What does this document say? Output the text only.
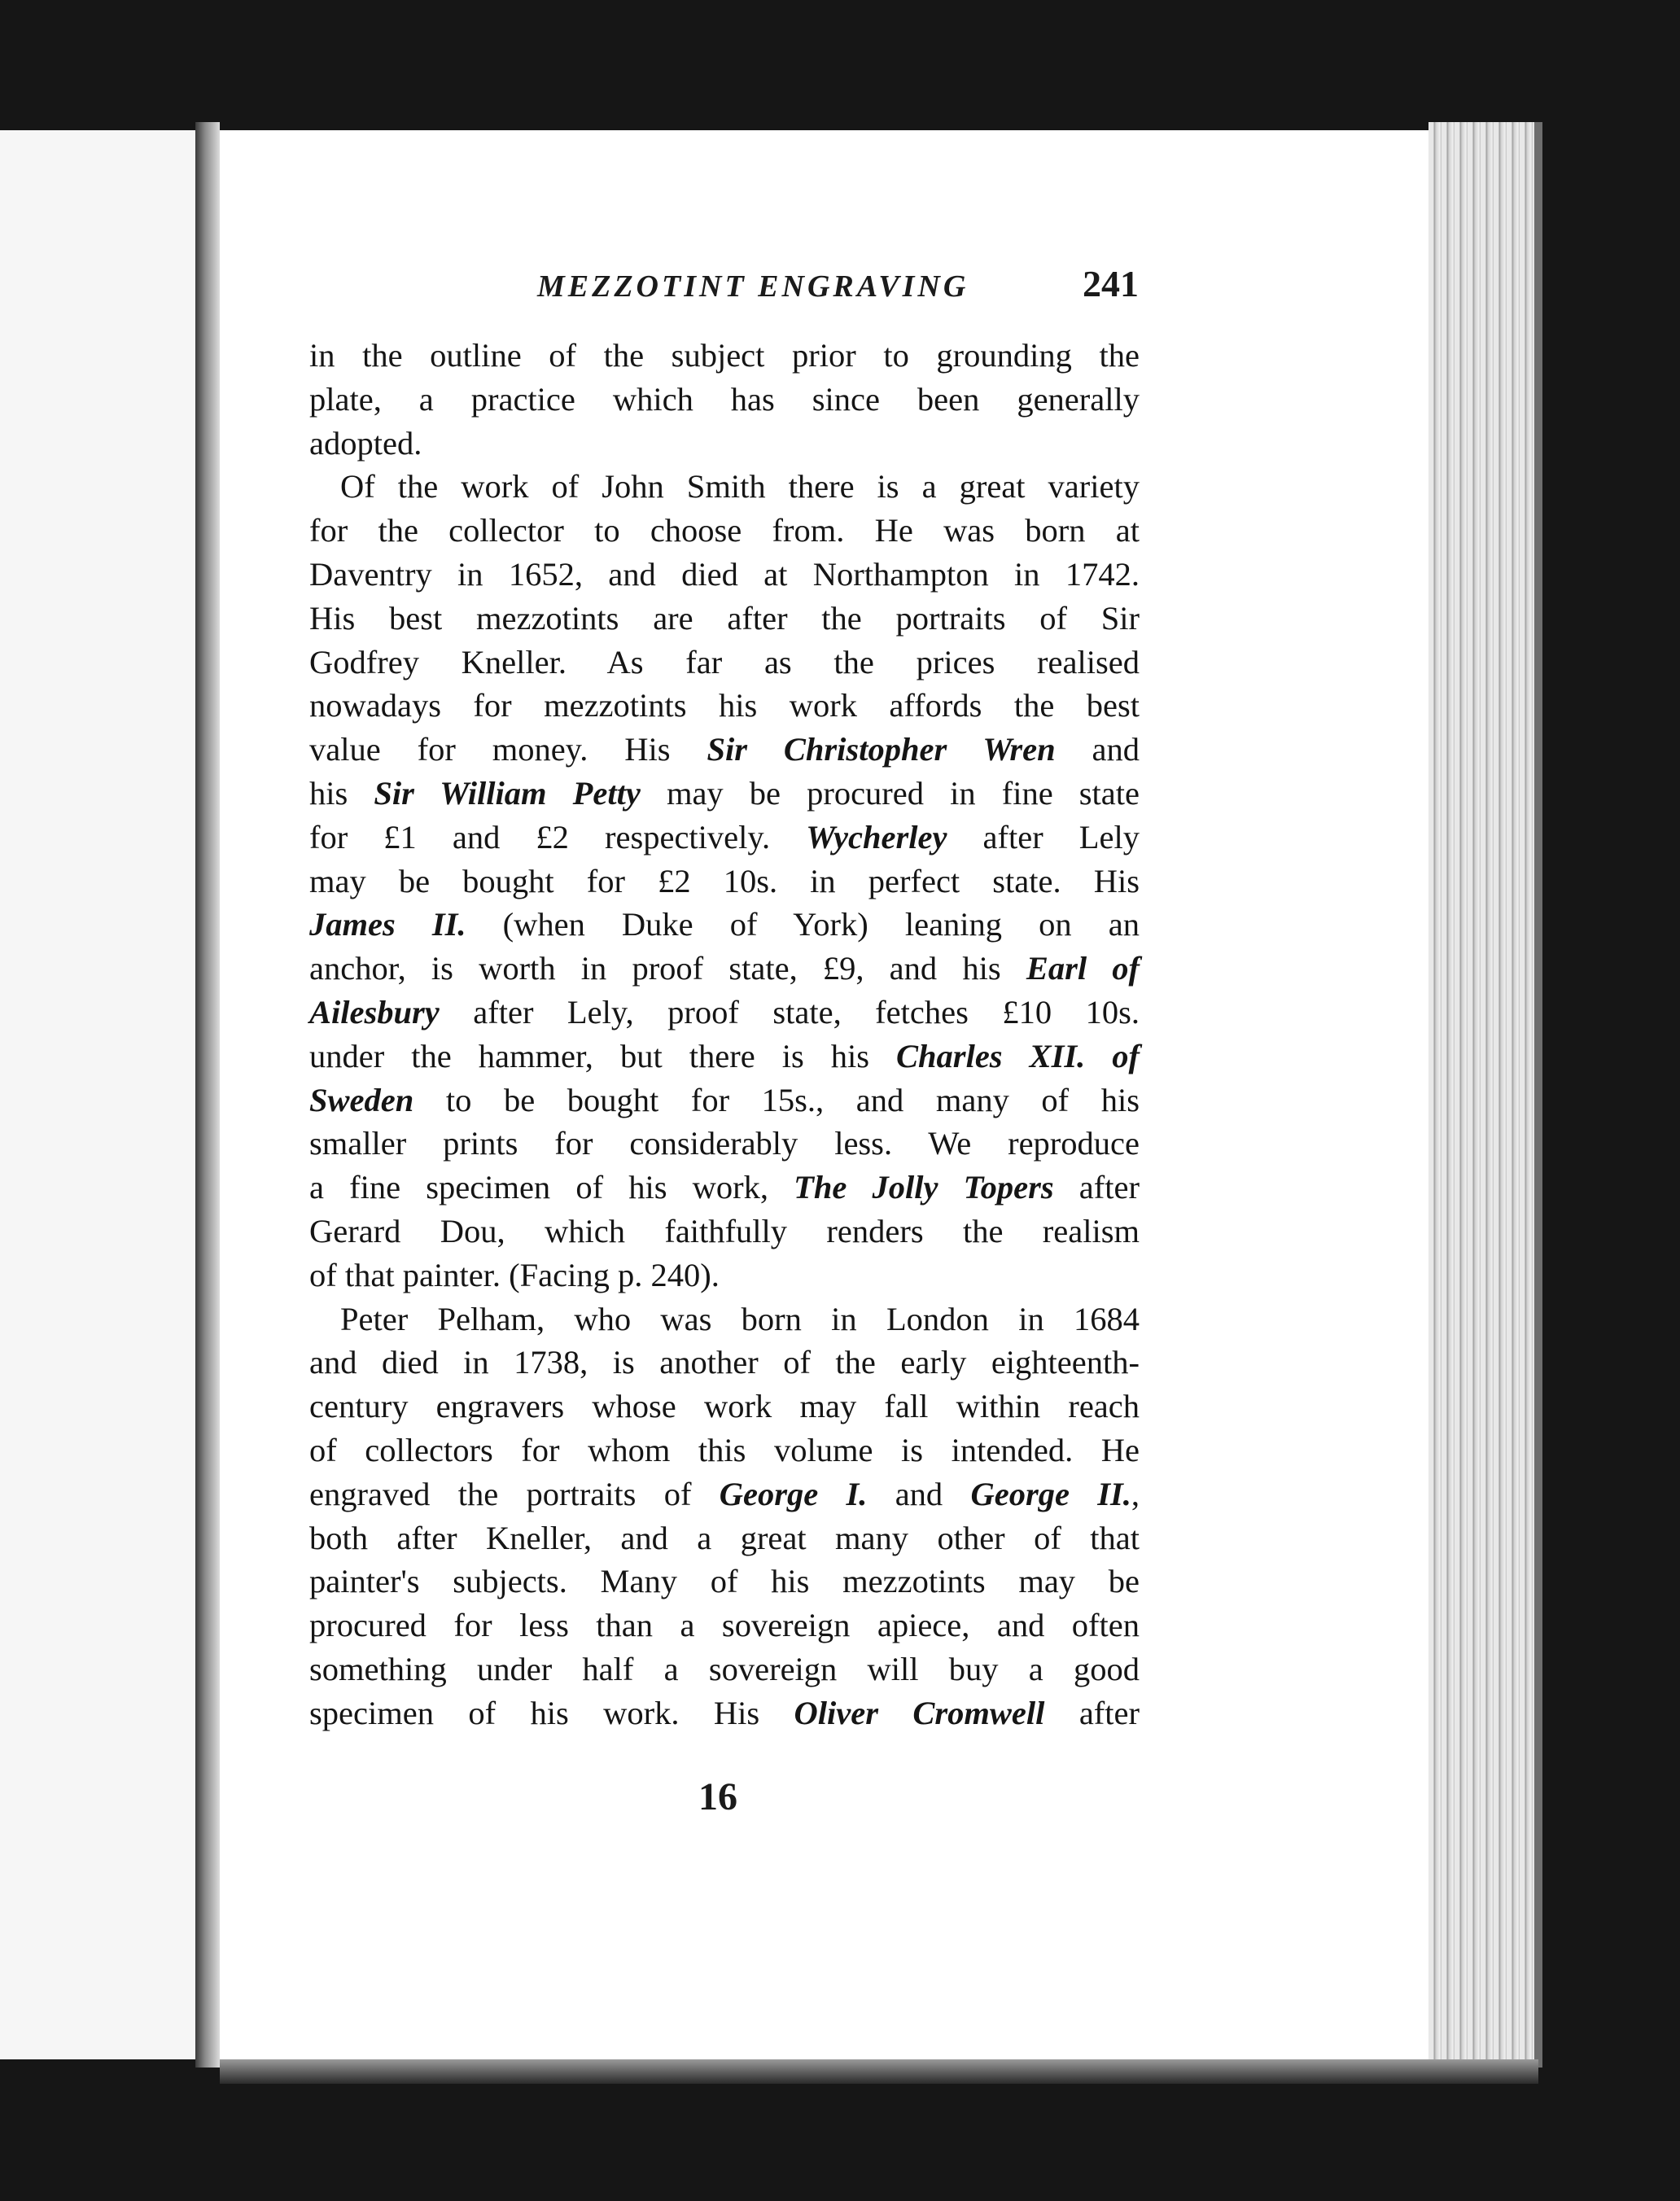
MEZZOTINT ENGRAVING	241
in the outline of the subject prior to grounding the
plate, a practice which has since been generally
adopted.
Of the work of John Smith there is a great variety
for the collector to choose from. He was born at
Daventry in 1652, and died at Northampton in 1742.
His best mezzotints are after the portraits of Sir
Godfrey Kneller. As far as the prices realised
nowadays for mezzotints his work affords the best
value for money. His Sir Christopher Wren and
his Sir William Petty may be procured in fine state
for £1 and £2 respectively. Wycherley after Lely
may be bought for £2 10s. in perfect state. His
James II. (when Duke of York) leaning on an
anchor, is worth in proof state, £9, and his Earl of
Ailesbury after Lely, proof state, fetches £10 10s.
under the hammer, but there is his Charles XII. of
Sweden to be bought for 15s., and many of his
smaller prints for considerably less. We reproduce
a fine specimen of his work, The Jolly Topers after
Gerard Dou, which faithfully renders the realism
of that painter. (Facing p. 240).
Peter Pelham, who was born in London in 1684
and died in 1738, is another of the early eighteenth-
century engravers whose work may fall within reach
of collectors for whom this volume is intended. He
engraved the portraits of George I. and George II.,
both after Kneller, and a great many other of that
painter's subjects. Many of his mezzotints may be
procured for less than a sovereign apiece, and often
something under half a sovereign will buy a good
specimen of his work. His Oliver Cromwell after
16
